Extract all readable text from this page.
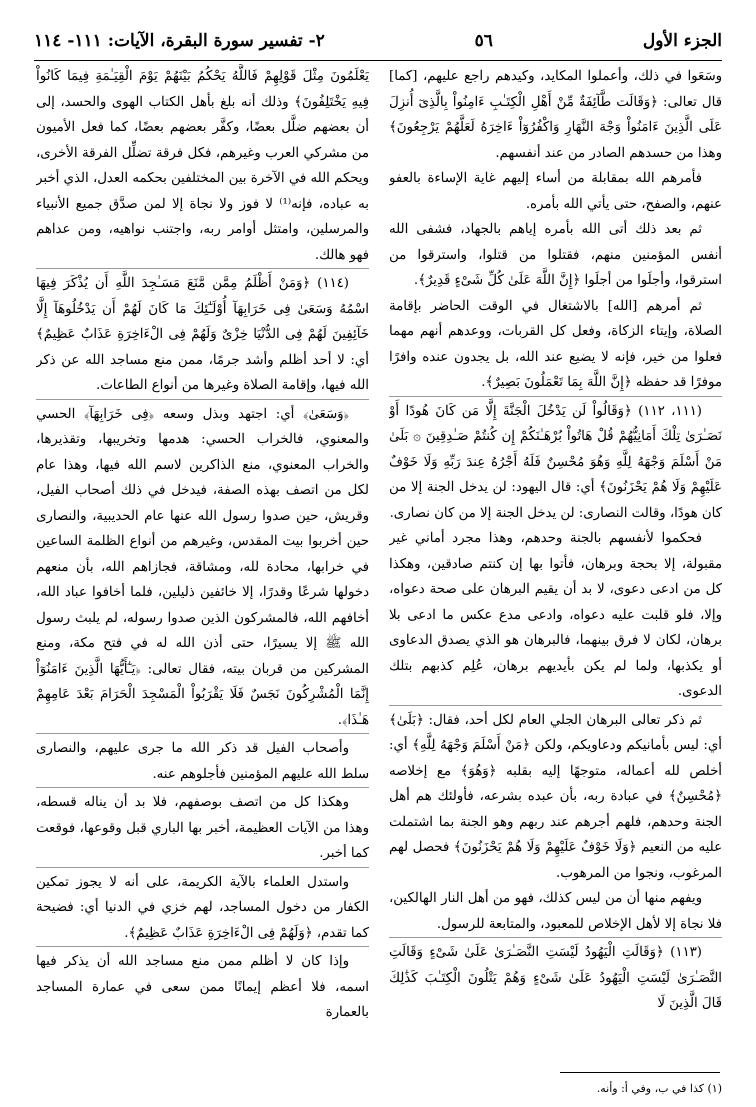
الجزء الأول
٥٦
٢- تفسير سورة البقرة، الآيات: ١١١- ١١٤

وسَعَوا في ذلك، وأعملوا المكايد، وكيدهم راجع عليهم، [كما] قال تعالى: ﴿وَقَالَت طَّآئِفَةٌ مِّنْ أَهْلِ الْكِتَـٰبِ ءَامِنُواْ بِالَّذِىٓ أُنزِلَ عَلَى الَّذِينَ ءَامَنُواْ وَجْهَ النَّهَارِ وَاكْفُرُوٓاْ ءَاخِرَهُ لَعَلَّهُمْ يَرْجِعُونَ﴾ وهذا من حسدهم الصادر من عند أنفسهم.

فأمرهم الله بمقابلة من أساء إليهم غاية الإساءة بالعفو عنهم، والصفح، حتى يأتي الله بأمره.

ثم بعد ذلك أتى الله بأمره إياهم بالجهاد، فشفى الله أنفس المؤمنين منهم، فقتلوا من قتلوا، واسترقوا من استرقوا، وأجلَوا من أجلَوا ﴿إِنَّ اللَّهَ عَلَىٰ كُلِّ شَىْءٍ قَدِيرٌ﴾.

ثم أمرهم [الله] بالاشتغال في الوقت الحاضر بإقامة الصلاة، وإيتاء الزكاة، وفعل كل القربات، ووعدهم أنهم مهما فعلوا من خير، فإنه لا يضيع عند الله، بل يجدون عنده وافرًا موفرًا قد حفظه ﴿إِنَّ اللَّهَ بِمَا تَعْمَلُونَ بَصِيرٌ﴾.

(١١١، ١١٢) ﴿وَقَالُواْ لَن يَدْخُلَ الْجَنَّةَ إِلَّا مَن كَانَ هُودًا أَوْ نَصَـٰرَىٰ تِلْكَ أَمَانِيُّهُمْ قُلْ هَاتُواْ بُرْهَـٰنَكُمْ إِن كُنتُمْ صَـٰدِقِينَ ۞ بَلَىٰ مَنْ أَسْلَمَ وَجْهَهُ لِلَّهِ وَهُوَ مُحْسِنٌ فَلَهُ أَجْرُهُ عِندَ رَبِّهِ وَلَا خَوْفٌ عَلَيْهِمْ وَلَا هُمْ يَحْزَنُونَ﴾ أي: قال اليهود: لن يدخل الجنة إلا من كان هودًا، وقالت النصارى: لن يدخل الجنة إلا من كان نصارى.

فحكموا لأنفسهم بالجنة وحدهم، وهذا مجرد أماني غير مقبولة، إلا بحجة وبرهان، فأتوا بها إن كنتم صادقين، وهكذا كل من ادعى دعوى، لا بد أن يقيم البرهان على صحة دعواه، وإلا، فلو قلبت عليه دعواه، وادعى مدع عكس ما ادعى بلا برهان، لكان لا فرق بينهما، فالبرهان هو الذي يصدق الدعاوى أو يكذبها، ولما لم يكن بأيديهم برهان، عُلِم كذبهم بتلك الدعوى.

ثم ذكر تعالى البرهان الجلي العام لكل أحد، فقال: ﴿بَلَىٰ﴾ أي: ليس بأمانيكم ودعاويكم، ولكن ﴿مَنْ أَسْلَمَ وَجْهَهُ لِلَّهِ﴾ أي: أخلص لله أعماله، متوجهًا إليه بقلبه ﴿وَهُوَ﴾ مع إخلاصه ﴿مُحْسِنٌ﴾ في عبادة ربه، بأن عبده بشرعه، فأولئك هم أهل الجنة وحدهم، فلهم أجرهم عند ربهم وهو الجنة بما اشتملت عليه من النعيم ﴿وَلَا خَوْفٌ عَلَيْهِمْ وَلَا هُمْ يَحْزَنُونَ﴾ فحصل لهم المرغوب، ونجوا من المرهوب.

ويفهم منها أن من ليس كذلك، فهو من أهل النار الهالكين، فلا نجاة إلا لأهل الإخلاص للمعبود، والمتابعة للرسول.

(١١٣) ﴿وَقَالَتِ الْيَهُودُ لَيْسَتِ النَّصَـٰرَىٰ عَلَىٰ شَىْءٍ وَقَالَتِ النَّصَـٰرَىٰ لَيْسَتِ الْيَهُودُ عَلَىٰ شَىْءٍ وَهُمْ يَتْلُونَ الْكِتَـٰبَ كَذَٰلِكَ قَالَ الَّذِينَ لَا

يَعْلَمُونَ مِثْلَ قَوْلِهِمْ فَاللَّهُ يَحْكُمُ بَيْنَهُمْ يَوْمَ الْقِيَـٰمَةِ فِيمَا كَانُواْ فِيهِ يَخْتَلِفُونَ﴾ وذلك أنه بلغ بأهل الكتاب الهوى والحسد، إلى أن بعضهم ضلَّل بعضًا، وكفَّر بعضهم بعضًا، كما فعل الأميون من مشركي العرب وغيرهم، فكل فرقة تضلِّل الفرقة الأخرى، ويحكم الله في الآخرة بين المختلفين بحكمه العدل، الذي أخبر به عباده، فإنه⁽¹⁾ لا فوز ولا نجاة إلا لمن صدَّق جميع الأنبياء والمرسلين، وامتثل أوامر ربه، واجتنب نواهيه، ومن عداهم فهو هالك.

(١١٤) ﴿وَمَنْ أَظْلَمُ مِمَّن مَّنَعَ مَسَـٰجِدَ اللَّهِ أَن يُذْكَرَ فِيهَا اسْمُهُ وَسَعَىٰ فِى خَرَابِهَآ أُوْلَـٰٓئِكَ مَا كَانَ لَهُمْ أَن يَدْخُلُوهَآ إِلَّا خَآئِفِينَ لَهُمْ فِى الدُّنْيَا خِزْىٌ وَلَهُمْ فِى الْءَاخِرَةِ عَذَابٌ عَظِيمٌ﴾ أي: لا أحد أظلم وأشد جرمًا، ممن منع مساجد الله عن ذكر الله فيها، وإقامة الصلاة وغيرها من أنواع الطاعات.

﴿وَسَعَىٰ﴾ أي: اجتهد وبذل وسعه ﴿فِى خَرَابِهَآ﴾ الحسي والمعنوي، فالخراب الحسي: هدمها وتخريبها، وتقذيرها، والخراب المعنوي، منع الذاكرين لاسم الله فيها، وهذا عام لكل من اتصف بهذه الصفة، فيدخل في ذلك أصحاب الفيل، وقريش، حين صدوا رسول الله عنها عام الحديبية، والنصارى حين أخربوا بيت المقدس، وغيرهم من أنواع الظلمة الساعين في خرابها، محادة لله، ومشاقة، فجازاهم الله، بأن منعهم دخولها شرعًا وقدرًا، إلا خائفين ذليلين، فلما أخافوا عباد الله، أخافهم الله، فالمشركون الذين صدوا رسوله، لم يلبث رسول الله ﷺ إلا يسيرًا، حتى أذن الله له في فتح مكة، ومنع المشركين من قربان بيته، فقال تعالى: ﴿يَـٰٓأَيُّهَا الَّذِينَ ءَامَنُوٓاْ إِنَّمَا الْمُشْرِكُونَ نَجَسٌ فَلَا يَقْرَبُواْ الْمَسْجِدَ الْحَرَامَ بَعْدَ عَامِهِمْ هَـٰذَا﴾.

وأصحاب الفيل قد ذكر الله ما جرى عليهم، والنصارى سلط الله عليهم المؤمنين فأجلوهم عنه.

وهكذا كل من اتصف بوصفهم، فلا بد أن يناله قسطه، وهذا من الآيات العظيمة، أخبر بها الباري قبل وقوعها، فوقعت كما أخبر.

واستدل العلماء بالآية الكريمة، على أنه لا يجوز تمكين الكفار من دخول المساجد، لهم خزي في الدنيا أي: فضيحة كما تقدم، ﴿وَلَهُمْ فِى الْءَاخِرَةِ عَذَابٌ عَظِيمٌ﴾.

وإذا كان لا أظلم ممن منع مساجد الله أن يذكر فيها اسمه، فلا أعظم إيمانًا ممن سعى في عمارة المساجد بالعمارة

(١) كذا في ب، وفي أ: وأنه.
